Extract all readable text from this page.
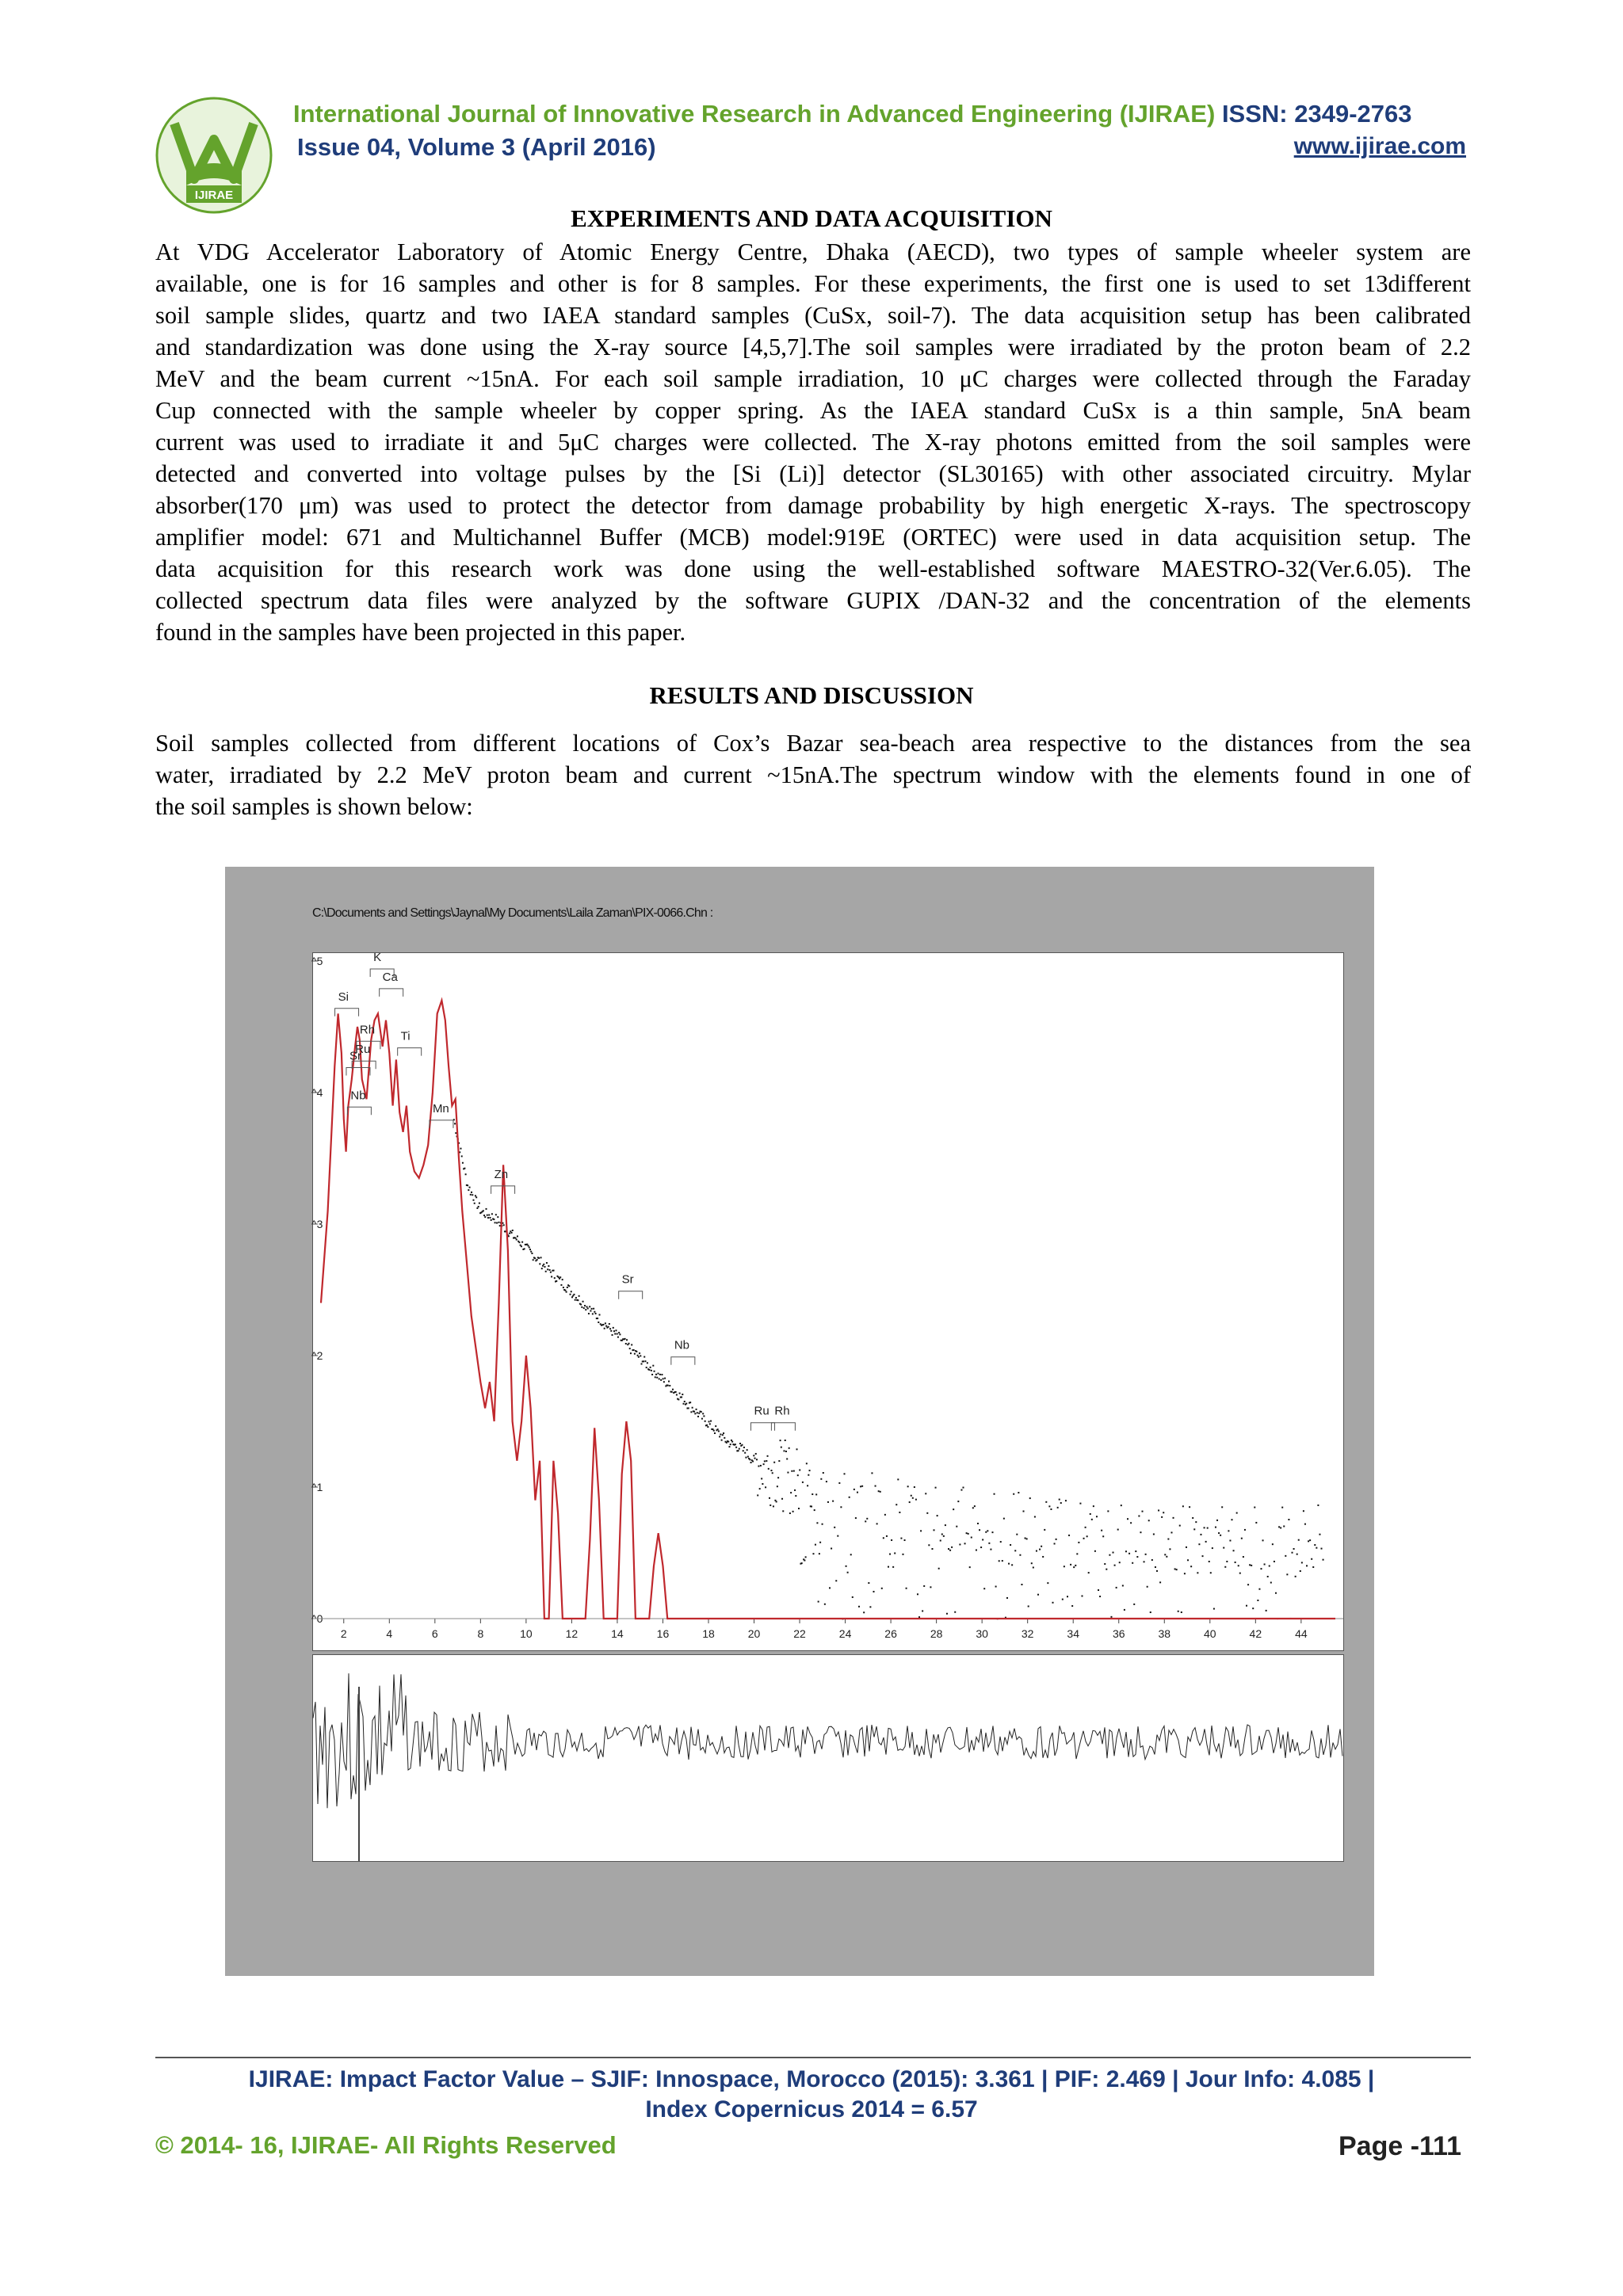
IJIRAE
International Journal of Innovative Research in Advanced Engineering (IJIRAE) ISSN: 2349-2763
Issue 04, Volume 3 (April 2016)	www.ijirae.com
EXPERIMENTS AND DATA ACQUISITION
At VDG Accelerator Laboratory of Atomic Energy Centre, Dhaka (AECD), two types of sample wheeler system are
available, one is for 16 samples and other is for 8 samples. For these experiments, the first one is used to set 13different
soil sample slides, quartz and two IAEA standard samples (CuSx, soil-7). The data acquisition setup has been calibrated
and standardization was done using the X-ray source [4,5,7].The soil samples were irradiated by the proton beam of 2.2
MeV and the beam current ~15nA. For each soil sample irradiation, 10 μC charges were collected through the Faraday
Cup connected with the sample wheeler by copper spring. As the IAEA standard CuSx is a thin sample, 5nA beam
current was used to irradiate it and 5μC charges were collected. The X-ray photons emitted from the soil samples were
detected and converted into voltage pulses by the [Si (Li)] detector (SL30165) with other associated circuitry. Mylar
absorber(170 μm) was used to protect the detector from damage probability by high energetic X-rays. The spectroscopy
amplifier model: 671 and Multichannel Buffer (MCB) model:919E (ORTEC) were used in data acquisition setup. The
data acquisition for this research work was done using the well-established software MAESTRO-32(Ver.6.05). The
collected spectrum data files were analyzed by the software GUPIX /DAN-32 and the concentration of the elements
found in the samples have been projected in this paper.
RESULTS AND DISCUSSION
Soil samples collected from different locations of Cox’s Bazar sea-beach area respective to the distances from the sea
water, irradiated by 2.2 MeV proton beam and current ~15nA.The spectrum window with the elements found in one of
the soil samples is shown below:
C:\Documents and Settings\Jaynal\My Documents\Laila Zaman\PIX-0066.Chn :
^0
^1
^2
^3
^4
^5
2	4	6	8	10	12	14	16	18	20	22	24	26	28	30	32	34	36	38	40	42	44
Si
K
Ca
Rh
Ru
Sr
Nb
Ti
Mn
Zn
Sr
Nb
Ru Rh
IJIRAE: Impact Factor Value – SJIF: Innospace, Morocco (2015): 3.361 | PIF: 2.469 | Jour Info: 4.085 |
Index Copernicus 2014 = 6.57
© 2014- 16, IJIRAE- All Rights Reserved	Page -111
